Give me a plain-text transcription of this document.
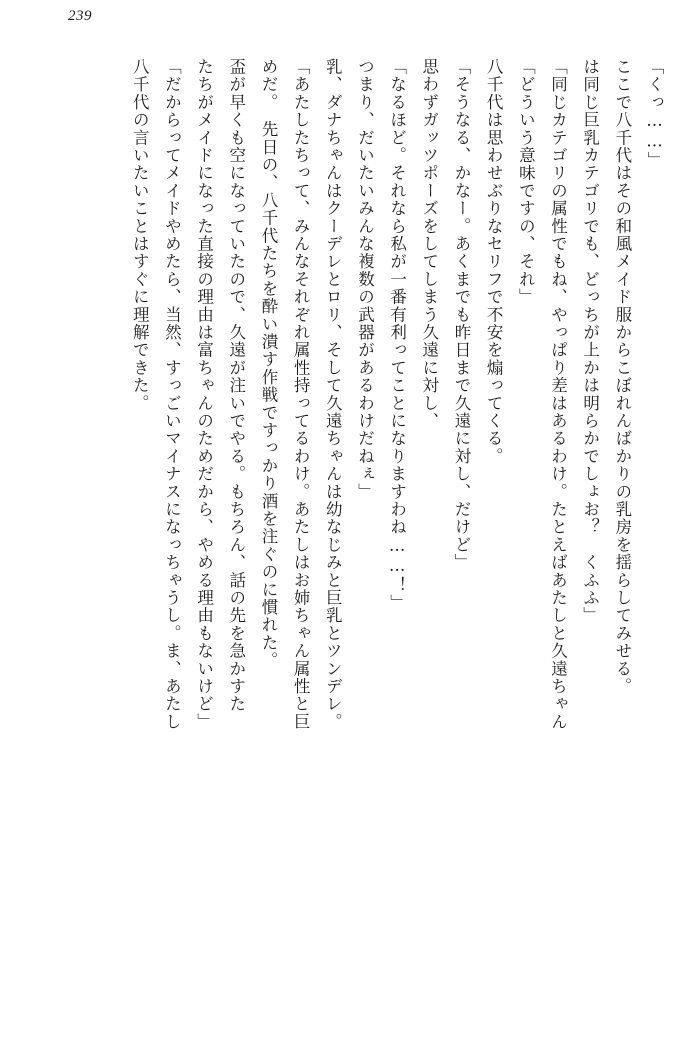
239

「くっ……」

ここで八千代はその和風メイド服からこぼれんばかりの乳房を揺らしてみせる。

は同じ巨乳カテゴリでも、どっちが上かは明らかでしょお？　くふふ」

「同じカテゴリの属性でもね、やっぱり差はあるわけ。たとえばあたしと久遠ちゃん

「どういう意味ですの、それ」

八千代は思わせぶりなセリフで不安を煽ってくる。

「そうなる、かなー。あくまでも昨日まで久遠に対し、だけど」

思わずガッツポーズをしてしまう久遠に対し、

「なるほど。それなら私が一番有利ってことになりますわね……！」

つまり、だいたいみんな複数の武器があるわけだねぇ」

乳、ダナちゃんはクーデレとロリ、そして久遠ちゃんは幼なじみと巨乳とツンデレ。

「あたしたちって、みんなそれぞれ属性持ってるわけ。あたしはお姉ちゃん属性と巨

めだ。　先日の、八千代たちを酔い潰す作戦ですっかり酒を注ぐのに慣れた。

盃が早くも空になっていたので、久遠が注いでやる。もちろん、話の先を急かすた

たちがメイドになった直接の理由は富ちゃんのためだから、やめる理由もないけど」

「だからってメイドやめたら、当然、すっごいマイナスになっちゃうし。ま、あたし

八千代の言いたいことはすぐに理解できた。
